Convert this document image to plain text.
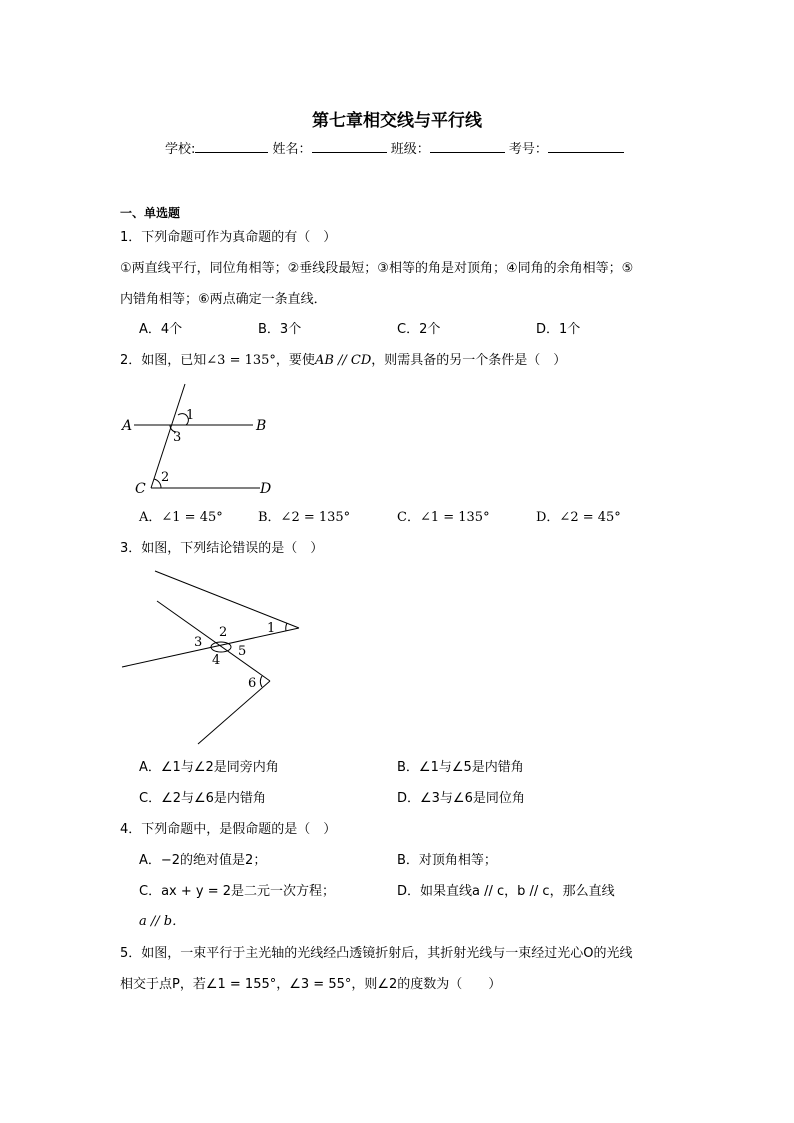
第七章相交线与平行线
学校:	姓名：	班级：	考号：
一、单选题
1．下列命题可作为真命题的有（　）
①两直线平行，同位角相等；②垂线段最短；③相等的角是对顶角；④同角的余角相等；⑤
内错角相等；⑥两点确定一条直线．
A．4个	B．3个	C．2个	D．1个
2．如图，已知∠3 = 135°，要使AB // CD，则需具备的另一个条件是（　）
A	B
C	D
1
3
2
A．∠1 = 45°	B．∠2 = 135°	C．∠1 = 135°	D．∠2 = 45°
3．如图，下列结论错误的是（　）
1
2
3
4
5
6
A．∠1与∠2是同旁内角	B．∠1与∠5是内错角
C．∠2与∠6是内错角	D．∠3与∠6是同位角
4．下列命题中，是假命题的是（　）
A．−2的绝对值是2；	B．对顶角相等；
C．ax + y = 2是二元一次方程；	D．如果直线a // c，b // c，那么直线
a // b．
5．如图，一束平行于主光轴的光线经凸透镜折射后，其折射光线与一束经过光心O的光线
相交于点P，若∠1 = 155°，∠3 = 55°，则∠2的度数为（　　）
